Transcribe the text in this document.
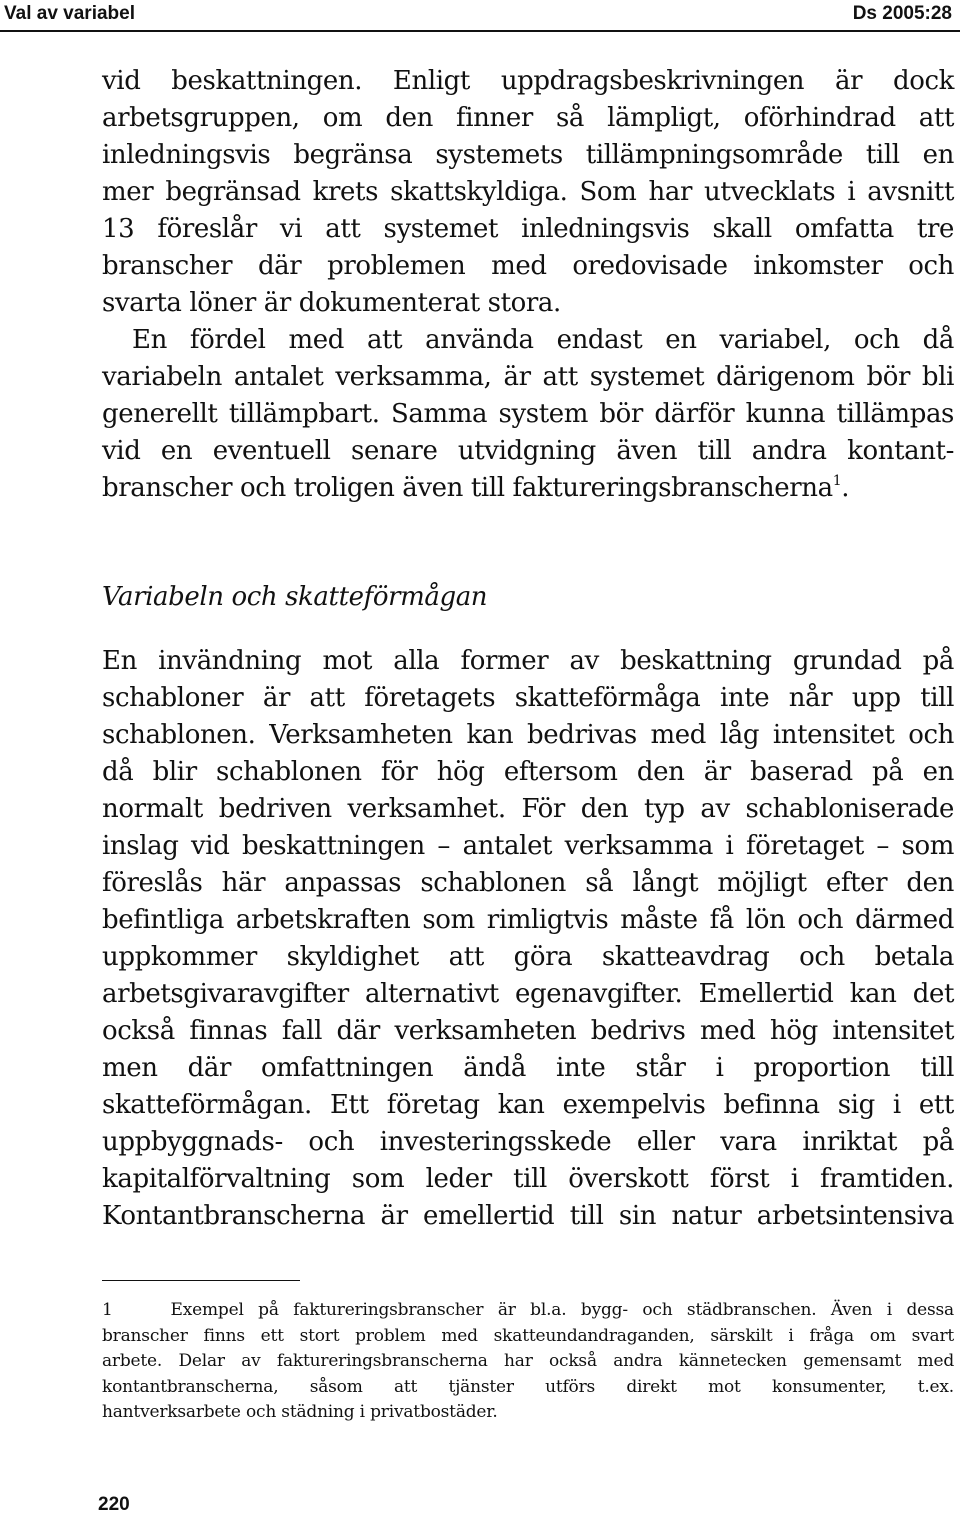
Val av variabel	Ds 2005:28
vid beskattningen. Enligt uppdragsbeskrivningen är dock
arbetsgruppen, om den finner så lämpligt, oförhindrad att
inledningsvis begränsa systemets tillämpningsområde till en
mer begränsad krets skattskyldiga. Som har utvecklats i avsnitt
13 föreslår vi att systemet inledningsvis skall omfatta tre
branscher där problemen med oredovisade inkomster och
svarta löner är dokumenterat stora.
En fördel med att använda endast en variabel, och då
variabeln antalet verksamma, är att systemet därigenom bör bli
generellt tillämpbart. Samma system bör därför kunna tillämpas
vid en eventuell senare utvidgning även till andra kontant-
branscher och troligen även till faktureringsbranscherna$^1$.
Variabeln och skatteförmågan
En invändning mot alla former av beskattning grundad på
schabloner är att företagets skatteförmåga inte når upp till
schablonen. Verksamheten kan bedrivas med låg intensitet och
då blir schablonen för hög eftersom den är baserad på en
normalt bedriven verksamhet. För den typ av schabloniserade
inslag vid beskattningen – antalet verksamma i företaget – som
föreslås här anpassas schablonen så långt möjligt efter den
befintliga arbetskraften som rimligtvis måste få lön och därmed
uppkommer skyldighet att göra skatteavdrag och betala
arbetsgivaravgifter alternativt egenavgifter. Emellertid kan det
också finnas fall där verksamheten bedrivs med hög intensitet
men där omfattningen ändå inte står i proportion till
skatteförmågan. Ett företag kan exempelvis befinna sig i ett
uppbyggnads- och investeringsskede eller vara inriktat på
kapitalförvaltning som leder till överskott först i framtiden.
Kontantbranscherna är emellertid till sin natur arbetsintensiva
1	Exempel på faktureringsbranscher är bl.a. bygg- och städbranschen. Även i dessa
branscher finns ett stort problem med skatteundandraganden, särskilt i fråga om svart
arbete. Delar av faktureringsbranscherna har också andra kännetecken gemensamt med
kontantbranscherna, såsom att tjänster utförs direkt mot konsumenter, t.ex.
hantverksarbete och städning i privatbostäder.
220
